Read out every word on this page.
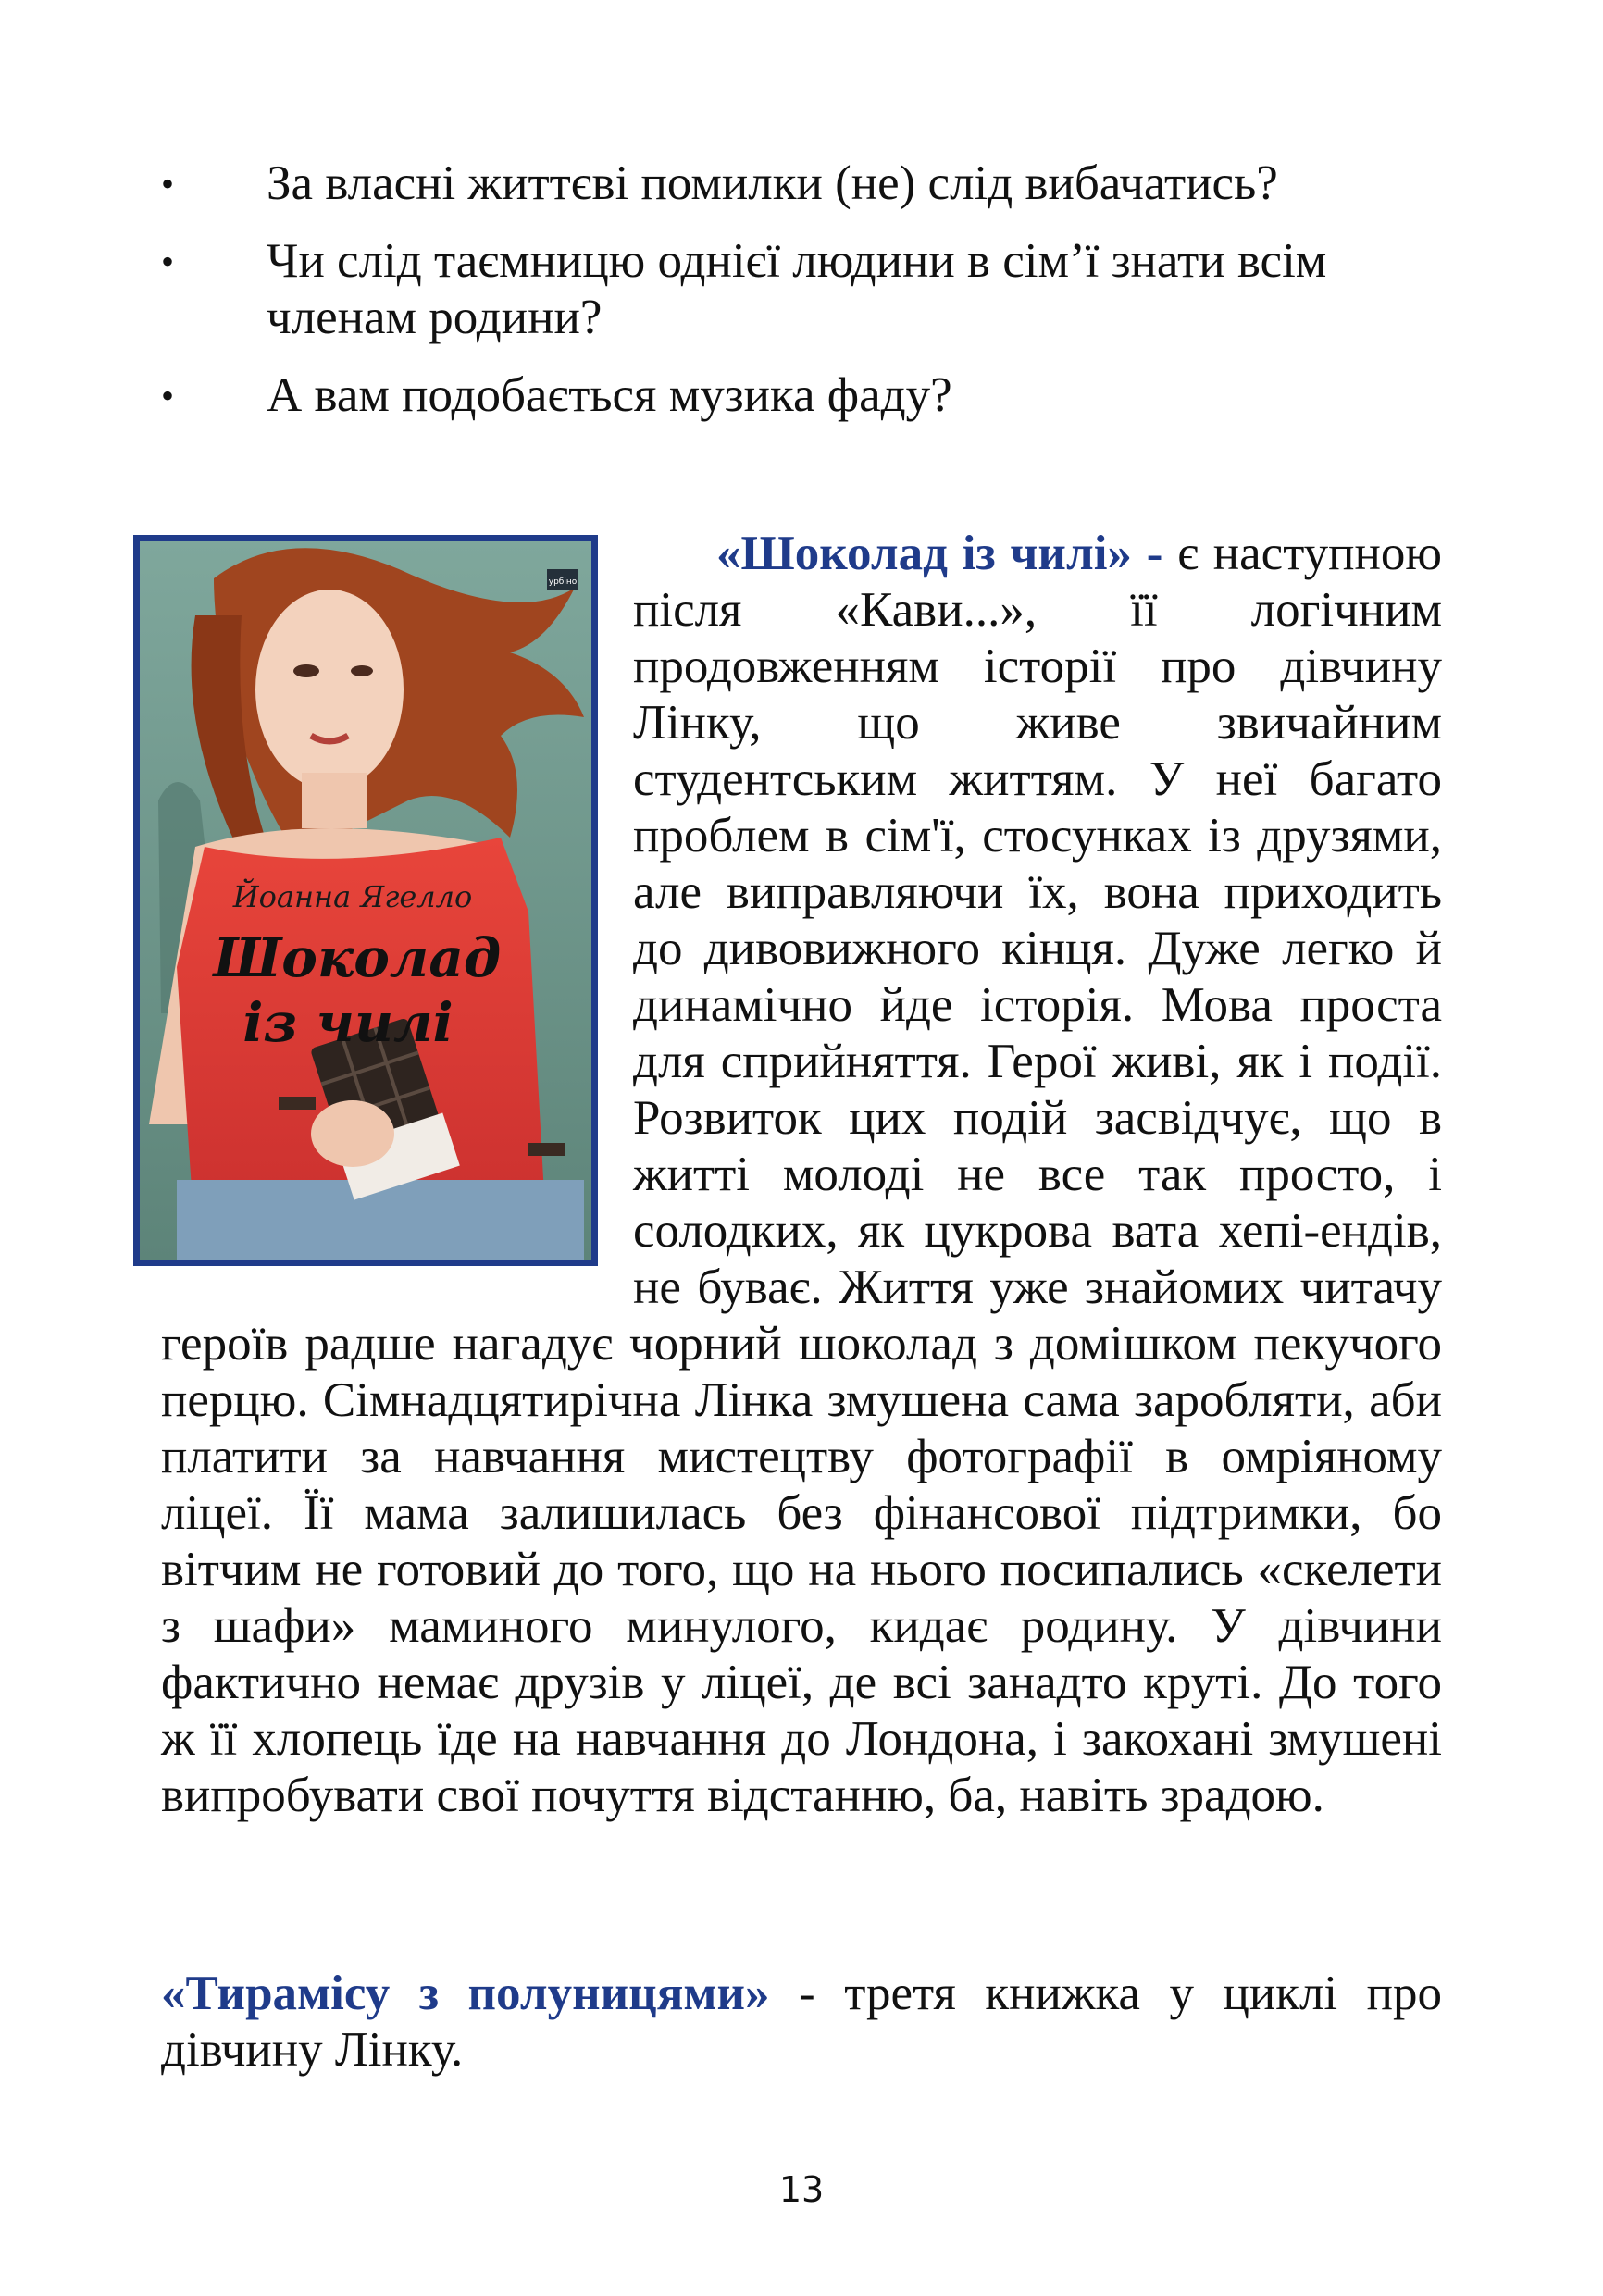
• За власні життєві помилки (не) слід вибачатись?
• Чи слід таємницю однієї людини в сім’ї знати всім членам родини?
• А вам подобається музика фаду?
урбіно
Йоанна Ягелло
Шоколад
із чилі
«Шоколад із чилі» - є наступною після «Кави...», її логічним продовженням історії про дівчину Лінку, що живе звичайним студентським життям. У неї багато проблем в сім'ї, стосунках із друзями, але виправляючи їх, вона приходить до дивовижного кінця. Дуже легко й динамічно йде історія. Мова проста для сприйняття. Герої живі, як і події. Розвиток цих подій засвідчує, що в житті молоді не все так просто, і солодких, як цукрова вата хепі-ендів, не буває. Життя уже знайомих читачу героїв радше нагадує чорний шоколад з домішком пекучого перцю. Сімнадцятирічна Лінка змушена сама заробляти, аби платити за навчання мистецтву фотографії в омріяному ліцеї. Її мама залишилась без фінансової підтримки, бо вітчим не готовий до того, що на нього посипались «скелети з шафи» маминого минулого, кидає родину. У дівчини фактично немає друзів у ліцеї, де всі занадто круті. До того ж її хлопець їде на навчання до Лондона, і закохані змушені випробувати свої почуття відстанню, ба, навіть зрадою.
«Тирамісу з полуницями» - третя книжка у циклі про дівчину Лінку.
13
